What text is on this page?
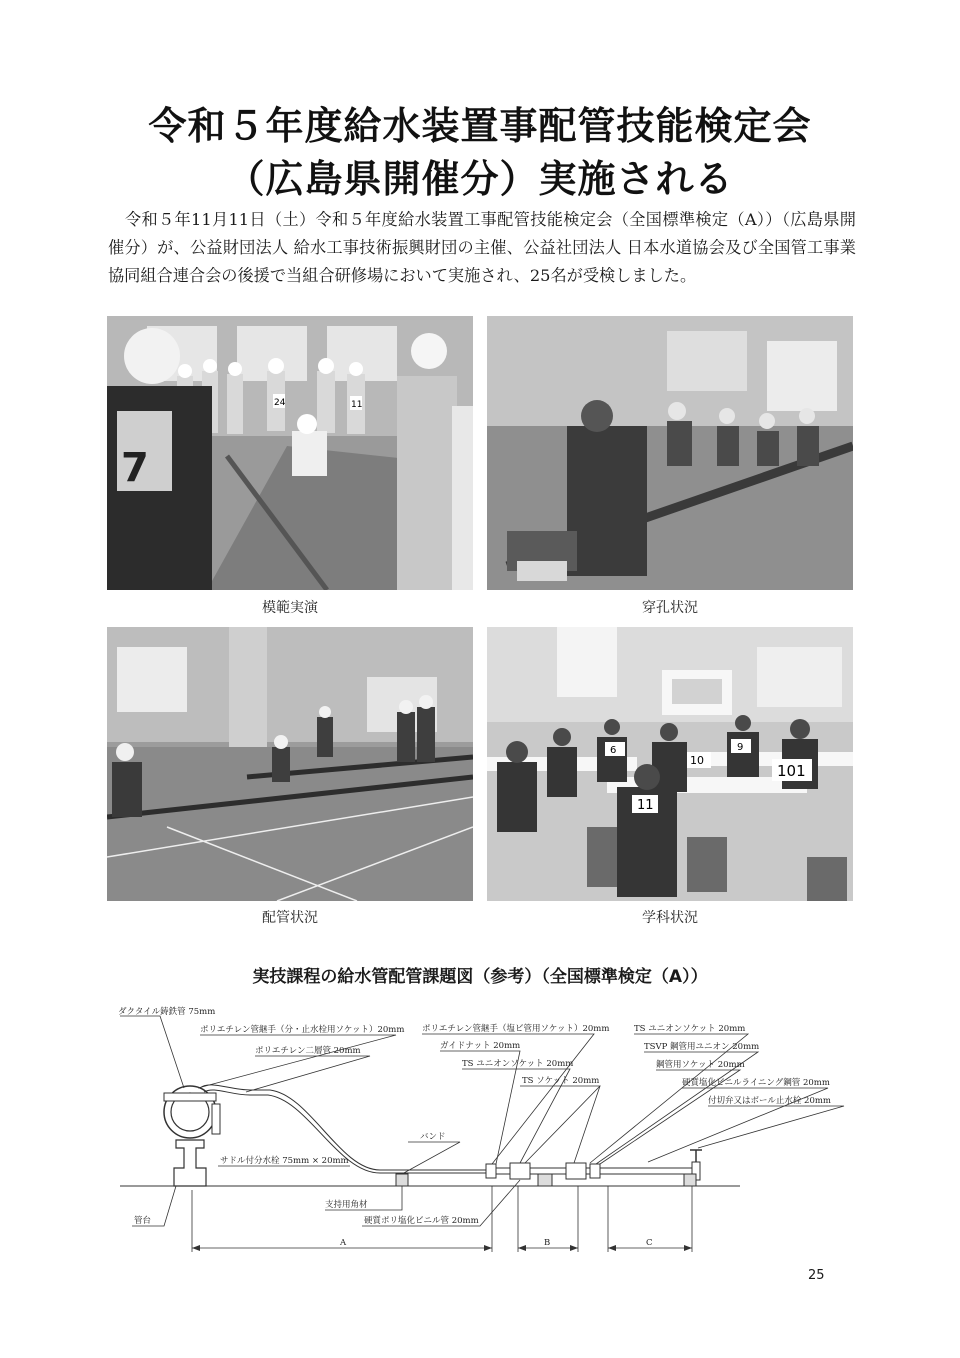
令和５年度給水装置事配管技能検定会
（広島県開催分）実施される

令和５年11月11日（土）令和５年度給水装置工事配管技能検定会（全国標準検定（A））（広島県開催分）が、公益財団法人 給水工事技術振興財団の主催、公益社団法人 日本水道協会及び全国管工事業協同組合連合会の後援で当組合研修場において実施され、25名が受検しました。

24	11
7
模範実演	穿孔状況
配管状況
6	9
10
101
11
学科状況
実技課程の給水管配管課題図（参考）（全国標準検定（A））
ダクタイル鋳鉄管 75mm
ポリエチレン管継手（分・止水栓用ソケット）20mm
ポリエチレン二層管 20mm
ポリエチレン管継手（塩ビ管用ソケット）20mm
ガイドナット 20mm
TS ユニオンソケット 20mm
TS ソケット 20mm
TS ユニオンソケット 20mm
TSVP 鋼管用ユニオン 20mm
鋼管用ソケット 20mm
硬質塩化ビニルライニング鋼管 20mm
付切弁又はボール止水栓 20mm
バンド
サドル付分水栓 75mm × 20mm
支持用角材
硬質ポリ塩化ビニル管 20mm
管台
A	B	C
25
